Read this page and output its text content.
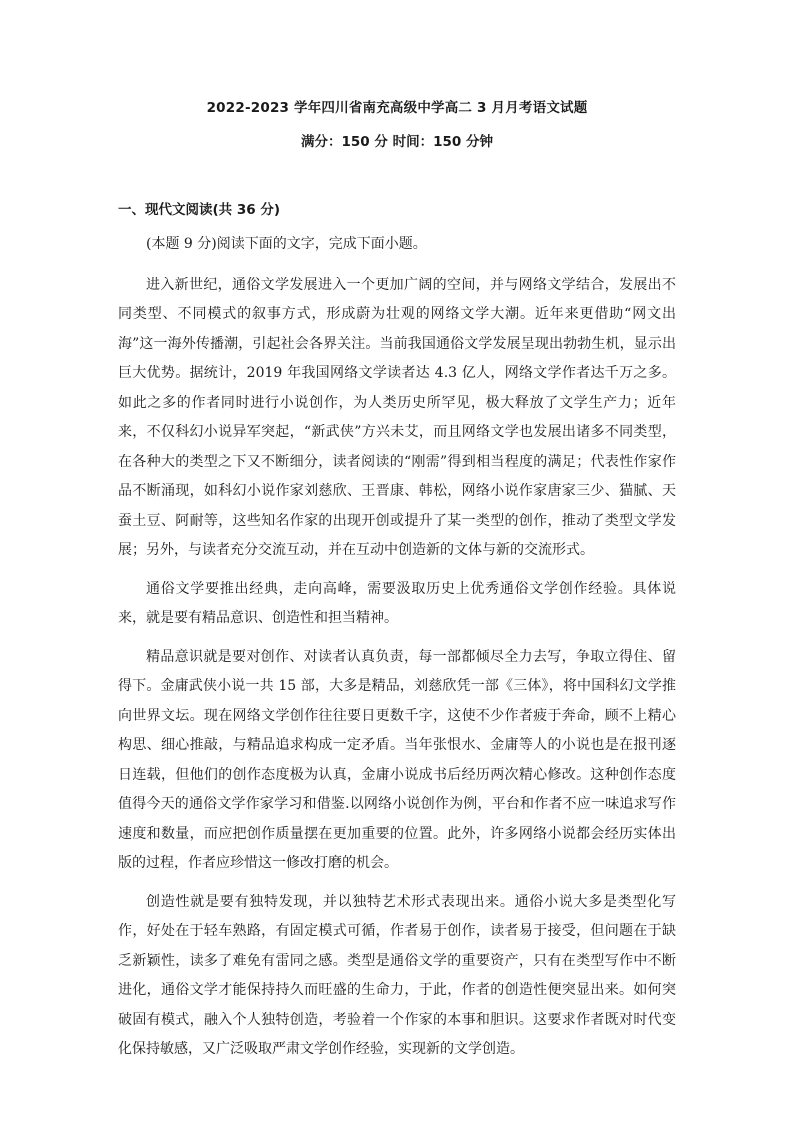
2022-2023 学年四川省南充高级中学高二 3 月月考语文试题
满分：150 分 时间：150 分钟
一、现代文阅读(共 36 分)

(本题 9 分)阅读下面的文字，完成下面小题。

进入新世纪，通俗文学发展进入一个更加广阔的空间，并与网络文学结合，发展出不同类型、不同模式的叙事方式，形成蔚为壮观的网络文学大潮。近年来更借助“网文出海”这一海外传播潮，引起社会各界关注。当前我国通俗文学发展呈现出勃勃生机，显示出巨大优势。据统计，2019 年我国网络文学读者达 4.3 亿人，网络文学作者达千万之多。如此之多的作者同时进行小说创作，为人类历史所罕见，极大释放了文学生产力；近年来，不仅科幻小说异军突起，“新武侠”方兴未艾，而且网络文学也发展出诸多不同类型，在各种大的类型之下又不断细分，读者阅读的“刚需”得到相当程度的满足；代表性作家作品不断涌现，如科幻小说作家刘慈欣、王晋康、韩松，网络小说作家唐家三少、猫腻、天蚕土豆、阿耐等，这些知名作家的出现开创或提升了某一类型的创作，推动了类型文学发展；另外，与读者充分交流互动，并在互动中创造新的文体与新的交流形式。

通俗文学要推出经典，走向高峰，需要汲取历史上优秀通俗文学创作经验。具体说来，就是要有精品意识、创造性和担当精神。

精品意识就是要对创作、对读者认真负责，每一部都倾尽全力去写，争取立得住、留得下。金庸武侠小说一共 15 部，大多是精品，刘慈欣凭一部《三体》，将中国科幻文学推向世界文坛。现在网络文学创作往往要日更数千字，这使不少作者疲于奔命，顾不上精心构思、细心推敲，与精品追求构成一定矛盾。当年张恨水、金庸等人的小说也是在报刊逐日连载，但他们的创作态度极为认真，金庸小说成书后经历两次精心修改。这种创作态度值得今天的通俗文学作家学习和借鉴.以网络小说创作为例，平台和作者不应一味追求写作速度和数量，而应把创作质量摆在更加重要的位置。此外，许多网络小说都会经历实体出版的过程，作者应珍惜这一修改打磨的机会。

创造性就是要有独特发现，并以独特艺术形式表现出来。通俗小说大多是类型化写作，好处在于轻车熟路，有固定模式可循，作者易于创作，读者易于接受，但问题在于缺乏新颖性，读多了难免有雷同之感。类型是通俗文学的重要资产，只有在类型写作中不断进化，通俗文学才能保持持久而旺盛的生命力，于此，作者的创造性便突显出来。如何突破固有模式，融入个人独特创造，考验着一个作家的本事和胆识。这要求作者既对时代变化保持敏感，又广泛吸取严肃文学创作经验，实现新的文学创造。
